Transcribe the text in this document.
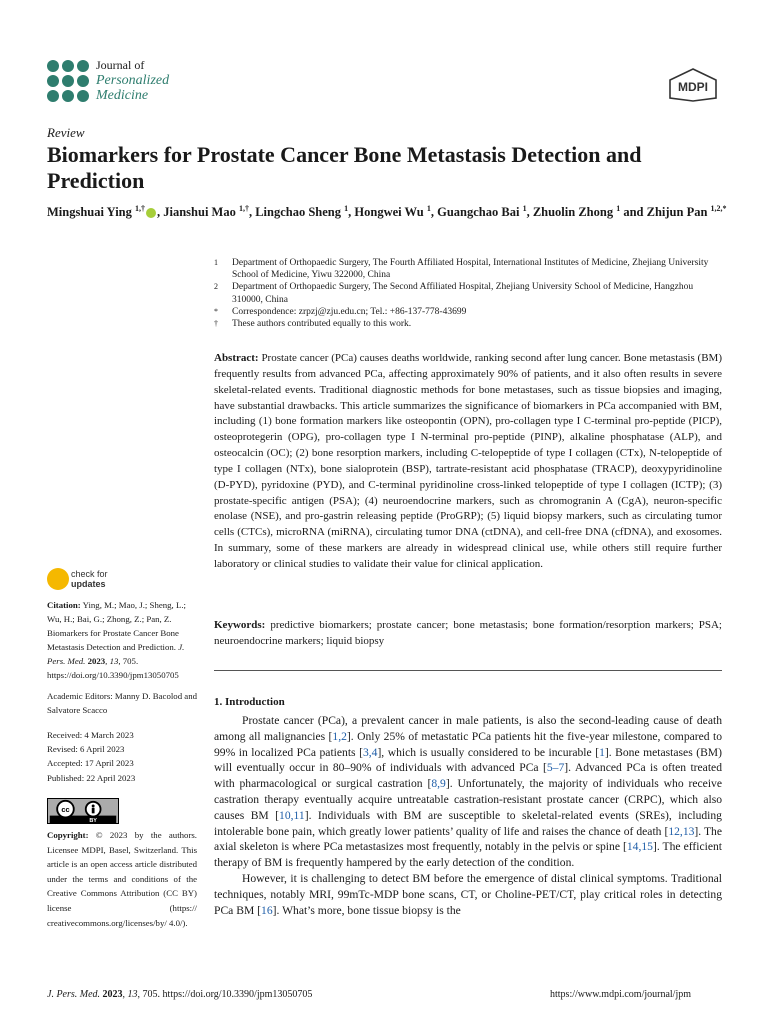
Journal of
Personalized
Medicine
MDPI
Review
Biomarkers for Prostate Cancer Bone Metastasis Detection and Prediction
Mingshuai Ying $^{1,\dagger}$ , Jianshui Mao $^{1,\dagger}$, Lingchao Sheng $^1$, Hongwei Wu $^1$, Guangchao Bai $^1$, Zhuolin Zhong $^1$ and Zhijun Pan $^{1,2,*}$
1	Department of Orthopaedic Surgery, The Fourth Affiliated Hospital, International Institutes of Medicine, Zhejiang University School of Medicine, Yiwu 322000, China
2	Department of Orthopaedic Surgery, The Second Affiliated Hospital, Zhejiang University School of Medicine, Hangzhou 310000, China
*	Correspondence: zrpzj@zju.edu.cn; Tel.: +86-137-778-43699
†	These authors contributed equally to this work.
Abstract: Prostate cancer (PCa) causes deaths worldwide, ranking second after lung cancer. Bone metastasis (BM) frequently results from advanced PCa, affecting approximately 90% of patients, and it also often results in severe skeletal-related events. Traditional diagnostic methods for bone metastases, such as tissue biopsies and imaging, have substantial drawbacks. This article summarizes the significance of biomarkers in PCa accompanied with BM, including (1) bone formation markers like osteopontin (OPN), pro-collagen type I C-terminal pro-peptide (PICP), osteoprotegerin (OPG), pro-collagen type I N-terminal pro-peptide (PINP), alkaline phosphatase (ALP), and osteocalcin (OC); (2) bone resorption markers, including C-telopeptide of type I collagen (CTx), N-telopeptide of type I collagen (NTx), bone sialoprotein (BSP), tartrate-resistant acid phosphatase (TRACP), deoxypyridinoline (D-PYD), pyridoxine (PYD), and C-terminal pyridinoline cross-linked telopeptide of type I collagen (ICTP); (3) prostate-specific antigen (PSA); (4) neuroendocrine markers, such as chromogranin A (CgA), neuron-specific enolase (NSE), and pro-gastrin releasing peptide (ProGRP); (5) liquid biopsy markers, such as circulating tumor cells (CTCs), microRNA (miRNA), circulating tumor DNA (ctDNA), and cell-free DNA (cfDNA), and exosomes. In summary, some of these markers are already in widespread clinical use, while others still require further laboratory or clinical studies to validate their value for clinical application.
Keywords: predictive biomarkers; prostate cancer; bone metastasis; bone formation/resorption markers; PSA; neuroendocrine markers; liquid biopsy
1. Introduction

Prostate cancer (PCa), a prevalent cancer in male patients, is also the second-leading cause of death among all malignancies [1,2]. Only 25% of metastatic PCa patients hit the five-year milestone, compared to 99% in localized PCa patients [3,4], which is usually considered to be incurable [1]. Bone metastases (BM) will eventually occur in 80–90% of individuals with advanced PCa [5–7]. Advanced PCa is often treated with pharmacological or surgical castration [8,9]. Unfortunately, the majority of individuals who receive castration therapy eventually acquire untreatable castration-resistant prostate cancer (CRPC), which also causes BM [10,11]. Individuals with BM are susceptible to skeletal-related events (SREs), including intolerable bone pain, which greatly lower patients’ quality of life and raises the chance of death [12,13]. The axial skeleton is where PCa metastasizes most frequently, notably in the pelvis or spine [14,15]. The efficient therapy of BM is frequently hampered by the early detection of the condition.

However, it is challenging to detect BM before the emergence of distal clinical symptoms. Traditional techniques, notably MRI, 99mTc-MDP bone scans, CT, or Choline-PET/CT, play critical roles in detecting PCa BM [16]. What’s more, bone tissue biopsy is the

check for
updates
Citation: Ying, M.; Mao, J.; Sheng, L.; Wu, H.; Bai, G.; Zhong, Z.; Pan, Z. Biomarkers for Prostate Cancer Bone Metastasis Detection and Prediction. J. Pers. Med. 2023, 13, 705. https://doi.org/10.3390/jpm13050705
Academic Editors: Manny D. Bacolod and Salvatore Scacco
Received: 4 March 2023
Revised: 6 April 2023
Accepted: 17 April 2023
Published: 22 April 2023
cc
BY
Copyright: © 2023 by the authors. Licensee MDPI, Basel, Switzerland. This article is an open access article distributed under the terms and conditions of the Creative Commons Attribution (CC BY) license (https:// creativecommons.org/licenses/by/ 4.0/).
J. Pers. Med. 2023, 13, 705. https://doi.org/10.3390/jpm13050705	https://www.mdpi.com/journal/jpm
